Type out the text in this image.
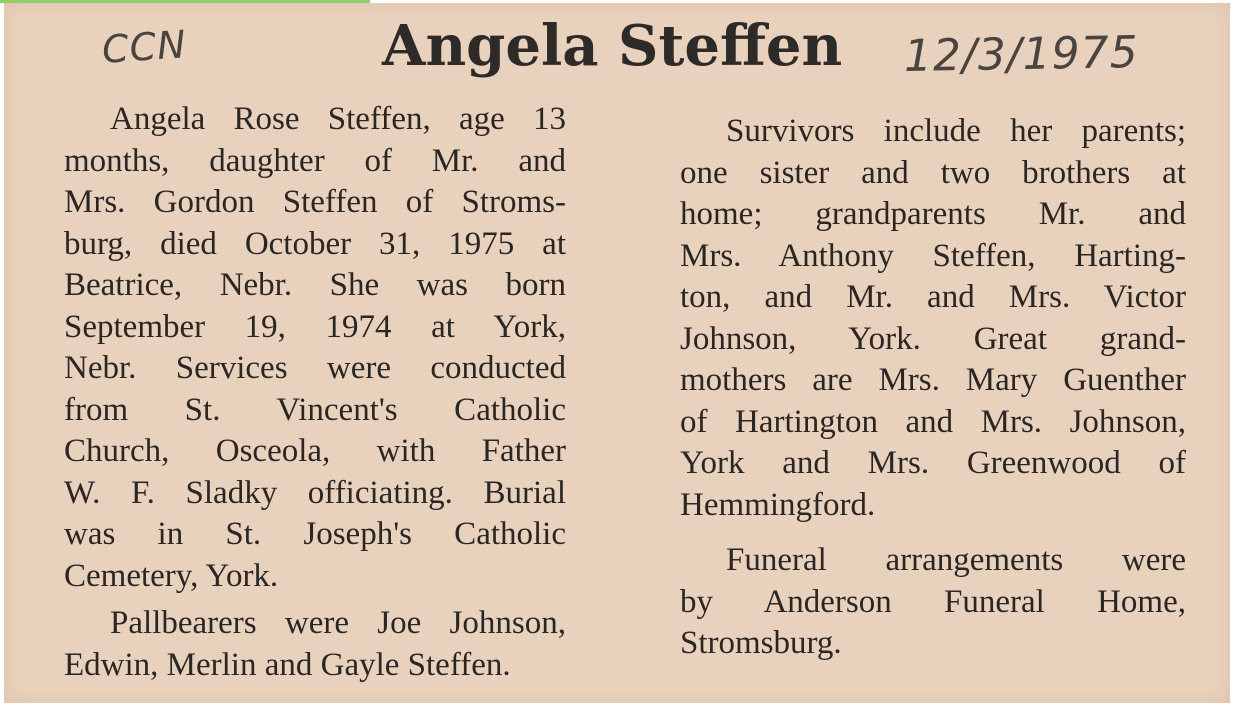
CCN	Angela Steffen 12/3/1975
Angela Rose Steffen, age 13
months, daughter of Mr. and
Mrs. Gordon Steffen of Stroms-
burg, died October 31, 1975 at
Beatrice, Nebr. She was born
September 19, 1974 at York,
Nebr. Services were conducted
from St. Vincent's Catholic
Church, Osceola, with Father
W. F. Sladky officiating. Burial
was in St. Joseph's Catholic
Cemetery, York.
Pallbearers were Joe Johnson,
Edwin, Merlin and Gayle Steffen.
Survivors include her parents;
one sister and two brothers at
home; grandparents Mr. and
Mrs. Anthony Steffen, Harting-
ton, and Mr. and Mrs. Victor
Johnson, York. Great grand-
mothers are Mrs. Mary Guenther
of Hartington and Mrs. Johnson,
York and Mrs. Greenwood of
Hemmingford.
Funeral arrangements were
by Anderson Funeral Home,
Stromsburg.
